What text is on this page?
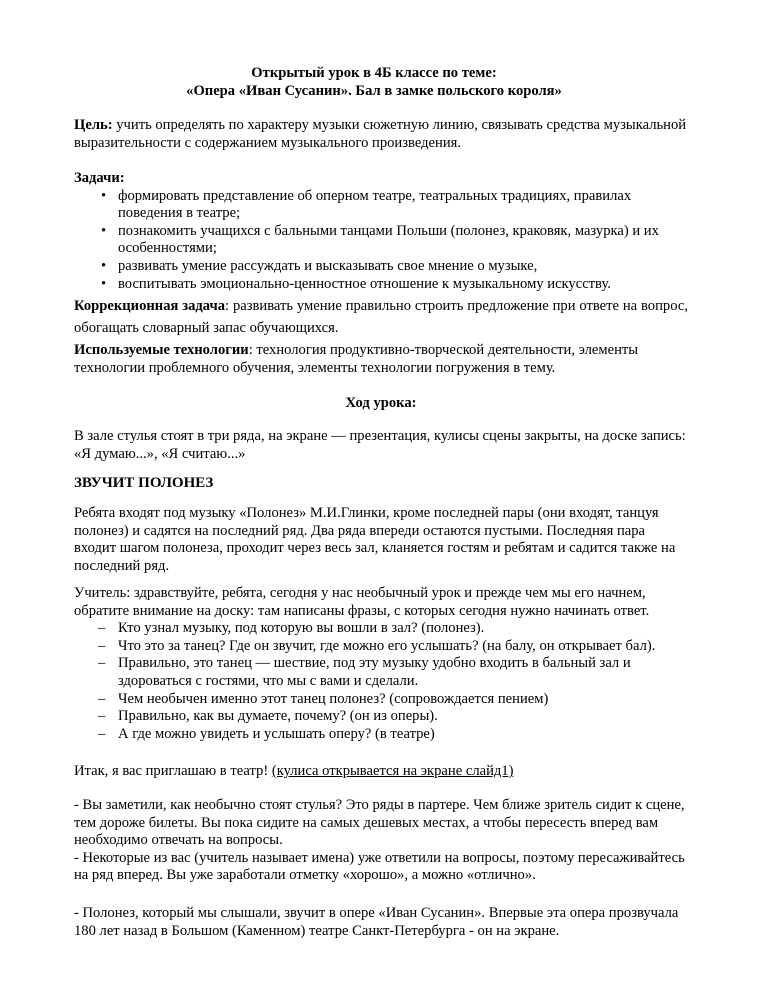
Открытый урок в 4Б классе по теме:
«Опера «Иван Сусанин». Бал в замке польского короля»

Цель: учить определять по характеру музыки сюжетную линию, связывать средства музыкальной выразительности с содержанием музыкального произведения.

Задачи:

• формировать представление об оперном театре, театральных традициях, правилах поведения в театре;
• познакомить учащихся с бальными танцами Польши (полонез, краковяк, мазурка) и их особенностями;
• развивать умение рассуждать и высказывать свое мнение о музыке,
• воспитывать эмоционально-ценностное отношение к музыкальному искусству.

Коррекционная задача: развивать умение правильно строить предложение при ответе на вопрос, обогащать словарный запас обучающихся.

Используемые технологии: технология продуктивно-творческой деятельности, элементы технологии проблемного обучения, элементы технологии погружения в тему.

Ход урока:

В зале стулья стоят в три ряда, на экране — презентация, кулисы сцены закрыты, на доске запись: «Я думаю...», «Я считаю...»

ЗВУЧИТ ПОЛОНЕЗ

Ребята входят под музыку «Полонез» М.И.Глинки, кроме последней пары (они входят, танцуя полонез) и садятся на последний ряд. Два ряда впереди остаются пустыми. Последняя пара входит шагом полонеза, проходит через весь зал, кланяется гостям и ребятам и садится также на последний ряд.

Учитель: здравствуйте, ребята, сегодня у нас необычный урок и прежде чем мы его начнем, обратите внимание на доску: там написаны фразы, с которых сегодня нужно начинать ответ.

– Кто узнал музыку, под которую вы вошли в зал? (полонез).
– Что это за танец? Где он звучит, где можно его услышать? (на балу, он открывает бал).
– Правильно, это танец — шествие, под эту музыку удобно входить в бальный зал и здороваться с гостями, что мы с вами и сделали.
– Чем необычен именно этот танец полонез? (сопровождается пением)
– Правильно, как вы думаете, почему? (он из оперы).
– А где можно увидеть и услышать оперу? (в театре)

Итак, я вас приглашаю в театр! (кулиса открывается на экране слайд1)

- Вы заметили, как необычно стоят стулья? Это ряды в партере. Чем ближе зритель сидит к сцене, тем дороже билеты. Вы пока сидите на самых дешевых местах, а чтобы пересесть вперед вам необходимо отвечать на вопросы.

- Некоторые из вас (учитель называет имена) уже ответили на вопросы, поэтому пересаживайтесь на ряд вперед. Вы уже заработали отметку «хорошо», а можно «отлично».

- Полонез, который мы слышали, звучит в опере «Иван Сусанин». Впервые эта опера прозвучала 180 лет назад в Большом (Каменном) театре Санкт-Петербурга - он на экране.
